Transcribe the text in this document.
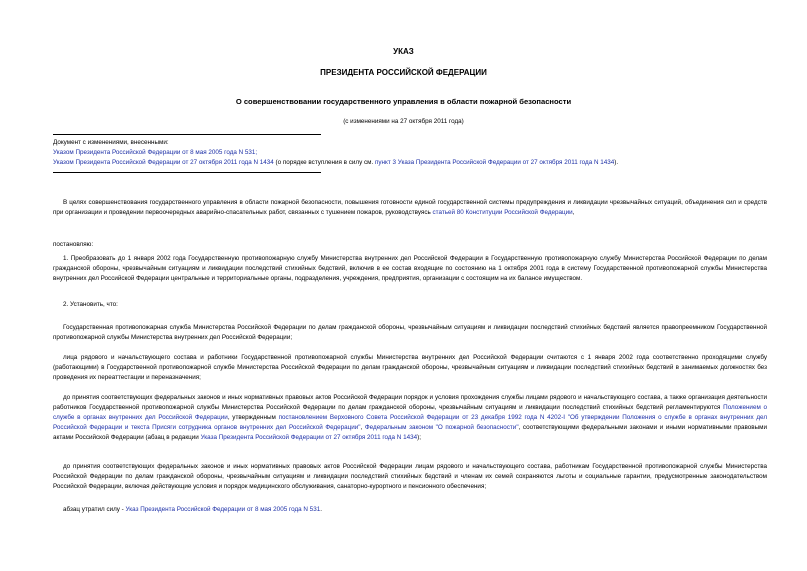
УКАЗ
ПРЕЗИДЕНТА РОССИЙСКОЙ ФЕДЕРАЦИИ
О совершенствовании государственного управления в области пожарной безопасности
(с изменениями на 27 октября 2011 года)
Документ с изменениями, внесенными:
Указом Президента Российской Федерации от 8 мая 2005 года N 531;
Указом Президента Российской Федерации от 27 октября 2011 года N 1434 (о порядке вступления в силу см. пункт 3 Указа Президента Российской Федерации от 27 октября 2011 года N 1434).
В целях совершенствования государственного управления в области пожарной безопасности, повышения готовности единой государственной системы предупреждения и ликвидации чрезвычайных ситуаций, объединения сил и средств при организации и проведении первоочередных аварийно-спасательных работ, связанных с тушением пожаров, руководствуясь статьей 80 Конституции Российской Федерации,
постановляю:
1. Преобразовать до 1 января 2002 года Государственную противопожарную службу Министерства внутренних дел Российской Федерации в Государственную противопожарную службу Министерства Российской Федерации по делам гражданской обороны, чрезвычайным ситуациям и ликвидации последствий стихийных бедствий, включив в ее состав входящие по состоянию на 1 октября 2001 года в систему Государственной противопожарной службы Министерства внутренних дел Российской Федерации центральные и территориальные органы, подразделения, учреждения, предприятия, организации с состоящим на их балансе имуществом.
2. Установить, что:
Государственная противопожарная служба Министерства Российской Федерации по делам гражданской обороны, чрезвычайным ситуациям и ликвидации последствий стихийных бедствий является правопреемником Государственной противопожарной службы Министерства внутренних дел Российской Федерации;
лица рядового и начальствующего состава и работники Государственной противопожарной службы Министерства внутренних дел Российской Федерации считаются с 1 января 2002 года соответственно проходящими службу (работающими) в Государственной противопожарной службе Министерства Российской Федерации по делам гражданской обороны, чрезвычайным ситуациям и ликвидации последствий стихийных бедствий в занимаемых должностях без проведения их переаттестации и переназначения;
до принятия соответствующих федеральных законов и иных нормативных правовых актов Российской Федерации порядок и условия прохождения службы лицами рядового и начальствующего состава, а также организация деятельности работников Государственной противопожарной службы Министерства Российской Федерации по делам гражданской обороны, чрезвычайным ситуациям и ликвидации последствий стихийных бедствий регламентируются Положением о службе в органах внутренних дел Российской Федерации, утвержденным постановлением Верховного Совета Российской Федерации от 23 декабря 1992 года N 4202-I "Об утверждении Положения о службе в органах внутренних дел Российской Федерации и текста Присяги сотрудника органов внутренних дел Российской Федерации", Федеральным законом "О пожарной безопасности", соответствующими федеральными законами и иными нормативными правовыми актами Российской Федерации (абзац в редакции Указа Президента Российской Федерации от 27 октября 2011 года N 1434);
до принятия соответствующих федеральных законов и иных нормативных правовых актов Российской Федерации лицам рядового и начальствующего состава, работникам Государственной противопожарной службы Министерства Российской Федерации по делам гражданской обороны, чрезвычайным ситуациям и ликвидации последствий стихийных бедствий и членам их семей сохраняются льготы и социальные гарантии, предусмотренные законодательством Российской Федерации, включая действующие условия и порядок медицинского обслуживания, санаторно-курортного и пенсионного обеспечения;
абзац утратил силу - Указ Президента Российской Федерации от 8 мая 2005 года N 531.
